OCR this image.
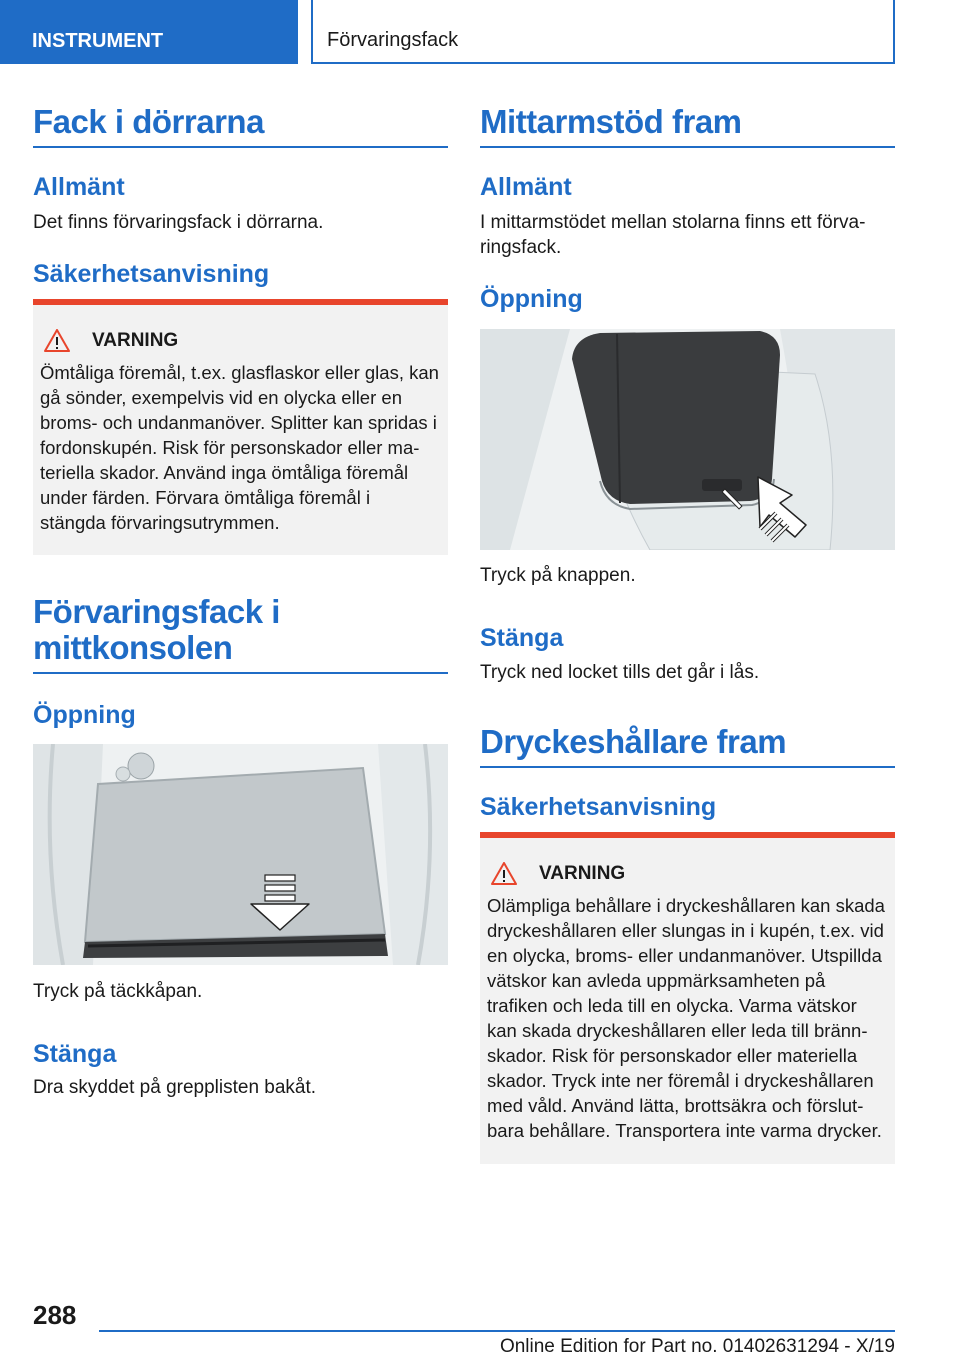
INSTRUMENT	Förvaringsfack
Fack i dörrarna
Allmänt
Det finns förvaringsfack i dörrarna.
Säkerhetsanvisning
VARNING
Ömtåliga föremål, t.ex. glasflaskor eller glas, kan gå sönder, exempelvis vid en olycka eller en broms- och undanmanöver. Splitter kan spridas i fordonskupén. Risk för personskador eller materiella skador. Använd inga ömtåliga föremål under färden. Förvara ömtåliga föremål i stängda förvaringsutrymmen.
Förvaringsfack i mittkonsolen
Öppning
Tryck på täckkåpan.
Stänga
Dra skyddet på grepplisten bakåt.
Mittarmstöd fram
Allmänt
I mittarmstödet mellan stolarna finns ett förvaringsfack.
Öppning
Tryck på knappen.
Stänga
Tryck ned locket tills det går i lås.
Dryckeshållare fram
Säkerhetsanvisning
VARNING
Olämpliga behållare i dryckeshållaren kan skada dryckeshållaren eller slungas in i kupén, t.ex. vid en olycka, broms- eller undanmanöver. Utspillda vätskor kan avleda uppmärksamheten på trafiken och leda till en olycka. Varma vätskor kan skada dryckeshållaren eller leda till brännskador. Risk för personskador eller materiella skador. Tryck inte ner föremål i dryckeshållaren med våld. Använd lätta, brottsäkra och förslutbara behållare. Transportera inte varma drycker.
288
Online Edition for Part no. 01402631294 - X/19
